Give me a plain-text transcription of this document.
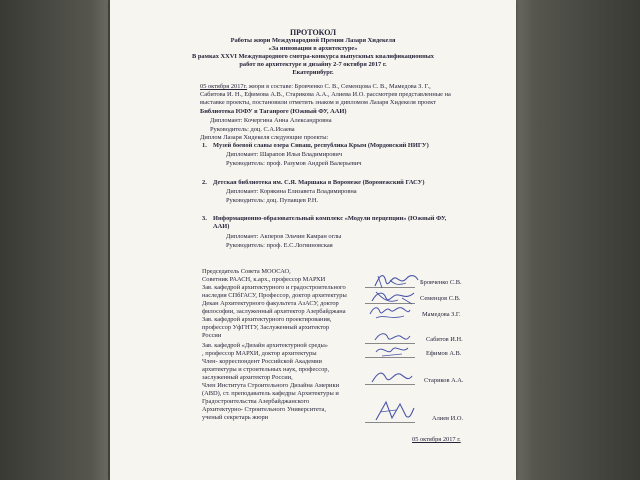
ПРОТОКОЛ
Работы жюри Международной Премии Лазаря Хидекеля
«За инновации в архитектуре»
В рамках XXVI Международного смотра-конкурса выпускных квалификационных
работ по архитектуре и дизайну 2-7 октября 2017 г.
Екатеринбург.
05 октября 2017г. жюри в составе: Бровченко С. В., Семенцова С. В., Мамедова З. Г.,
Сабитова И. Н., Ефимова А.В., Старикова А.А., Алиева И.О. рассмотрев представленные на
выставке проекты, постановили отметить знаком и дипломом Лазаря Хидекеля проект
Библиотека ЮФУ в Таганроге (Южный ФУ, ААИ)
Дипломант: Кочергина Анна Александровна
Руководитель: доц. С.А.Исаева
Диплом Лазаря Хидекеля следующие проекты:
1. Музей боевой славы озера Сиваш, республика Крым (Мордовский НИГУ)
Дипломант: Шарапов Илья Владимирович
Руководитель: проф. Разумов Андрей Валерьевич
2. Детская библиотека им. С.Я. Маршака в Воронеже (Воронежский ГАСУ)
Дипломант: Корякина Елизавета Владимировна
Руководитель: доц. Пупавцев Р.Н.
3. Информационно-образовательный комплекс «Модули перцепции» (Южный ФУ,
ААИ)
Дипломант: Акперов Эльчин Камран оглы
Руководитель: проф. Е.С.Логвиновская
Председатель Совета МООСАО,
Советник РААСН, к.арх., профессор МАРХИ
Зав. кафедрой архитектурного и градостроительного
наследия СПбГАСУ, Профессор, доктор архитектуры
Декан Архитектурного факультета АзАСУ, доктор
философии, заслуженный архитектор Азербайджана
Зав. кафедрой архитектурного проектирования,
профессор УфГНТУ, Заслуженный архитектор
России
Зав. кафедрой «Дизайн архитектурной среды»
, профессор МАРХИ, доктор архитектуры
Член- корреспондент Российской Академии
архитектуры и строительных наук, профессор,
заслуженный архитектор России,
Член Института Строительного Дизайна Америки
(ABD), ст. преподаватель кафедры Архитектуры и
Градостроительства Азербайджанского
Архитектурно- Строительного Университета,
ученый секретарь жюри
Бровченко С.В.
Семенцов С.В.
Мамедова З.Г.
Сабитов И.Н.
Ефимов А.В.
Стариков А.А.
Алиев И.О.
05 октября 2017 г.
